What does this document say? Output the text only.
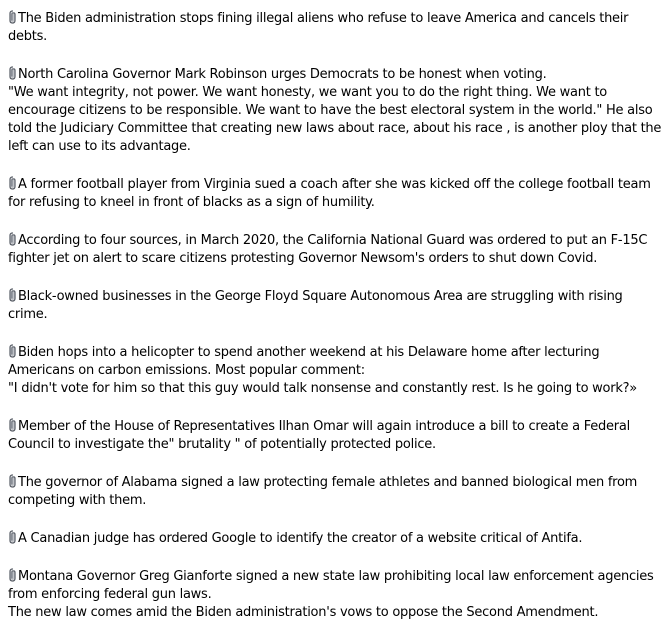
The Biden administration stops fining illegal aliens who refuse to leave America and cancels their debts.
North Carolina Governor Mark Robinson urges Democrats to be honest when voting.
"We want integrity, not power. We want honesty, we want you to do the right thing. We want to encourage citizens to be responsible. We want to have the best electoral system in the world." He also told the Judiciary Committee that creating new laws about race, about his race , is another ploy that the left can use to its advantage.
A former football player from Virginia sued a coach after she was kicked off the college football team for refusing to kneel in front of blacks as a sign of humility.
According to four sources, in March 2020, the California National Guard was ordered to put an F-15C fighter jet on alert to scare citizens protesting Governor Newsom's orders to shut down Covid.
Black-owned businesses in the George Floyd Square Autonomous Area are struggling with rising crime.
Biden hops into a helicopter to spend another weekend at his Delaware home after lecturing Americans on carbon emissions. Most popular comment:
"I didn't vote for him so that this guy would talk nonsense and constantly rest. Is he going to work?»
Member of the House of Representatives Ilhan Omar will again introduce a bill to create a Federal Council to investigate the" brutality " of potentially protected police.
The governor of Alabama signed a law protecting female athletes and banned biological men from competing with them.
A Canadian judge has ordered Google to identify the creator of a website critical of Antifa.
Montana Governor Greg Gianforte signed a new state law prohibiting local law enforcement agencies from enforcing federal gun laws.
The new law comes amid the Biden administration's vows to oppose the Second Amendment.
